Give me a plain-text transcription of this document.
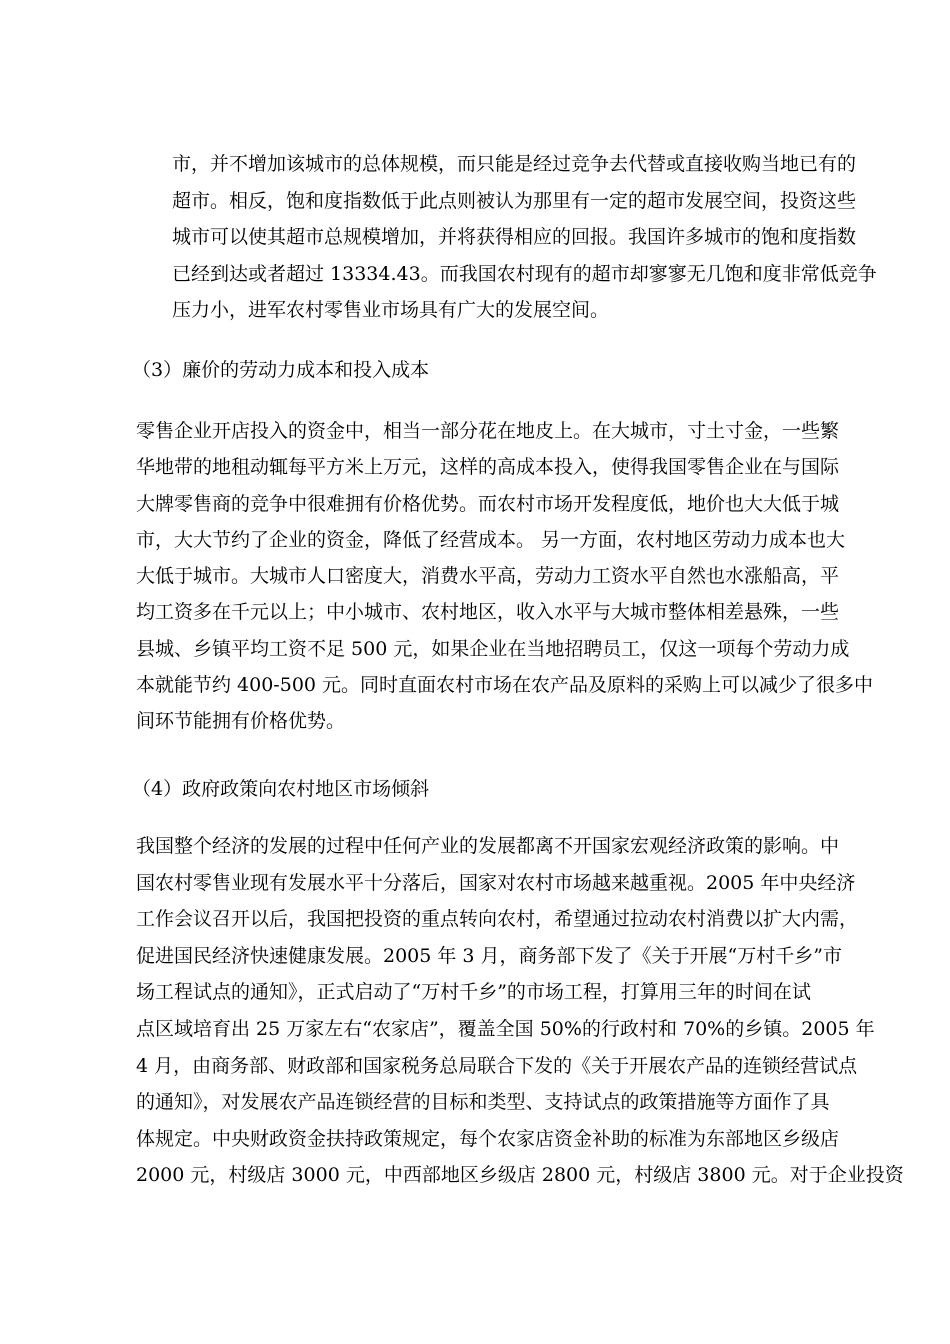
市，并不增加该城市的总体规模，而只能是经过竞争去代替或直接收购当地已有的
超市。相反，饱和度指数低于此点则被认为那里有一定的超市发展空间，投资这些
城市可以使其超市总规模增加，并将获得相应的回报。我国许多城市的饱和度指数
已经到达或者超过 13334.43。而我国农村现有的超市却寥寥无几饱和度非常低竞争
压力小，进军农村零售业市场具有广大的发展空间。
（3）廉价的劳动力成本和投入成本
零售企业开店投入的资金中，相当一部分花在地皮上。在大城市，寸土寸金，一些繁
华地带的地租动辄每平方米上万元，这样的高成本投入，使得我国零售企业在与国际
大牌零售商的竞争中很难拥有价格优势。而农村市场开发程度低，地价也大大低于城
市，大大节约了企业的资金，降低了经营成本。 另一方面，农村地区劳动力成本也大
大低于城市。大城市人口密度大，消费水平高，劳动力工资水平自然也水涨船高，平
均工资多在千元以上；中小城市、农村地区，收入水平与大城市整体相差悬殊，一些
县城、乡镇平均工资不足 500 元，如果企业在当地招聘员工，仅这一项每个劳动力成
本就能节约 400-500 元。同时直面农村市场在农产品及原料的采购上可以减少了很多中
间环节能拥有价格优势。
（4）政府政策向农村地区市场倾斜
我国整个经济的发展的过程中任何产业的发展都离不开国家宏观经济政策的影响。中
国农村零售业现有发展水平十分落后，国家对农村市场越来越重视。2005 年中央经济
工作会议召开以后，我国把投资的重点转向农村，希望通过拉动农村消费以扩大内需，
促进国民经济快速健康发展。2005 年 3 月，商务部下发了《关于开展“万村千乡”市
场工程试点的通知》，正式启动了“万村千乡”的市场工程，打算用三年的时间在试
点区域培育出 25 万家左右“农家店”，覆盖全国 50%的行政村和 70%的乡镇。2005 年
4 月，由商务部、财政部和国家税务总局联合下发的《关于开展农产品的连锁经营试点
的通知》，对发展农产品连锁经营的目标和类型、支持试点的政策措施等方面作了具
体规定。中央财政资金扶持政策规定，每个农家店资金补助的标准为东部地区乡级店
2000 元，村级店 3000 元，中西部地区乡级店 2800 元，村级店 3800 元。对于企业投资
